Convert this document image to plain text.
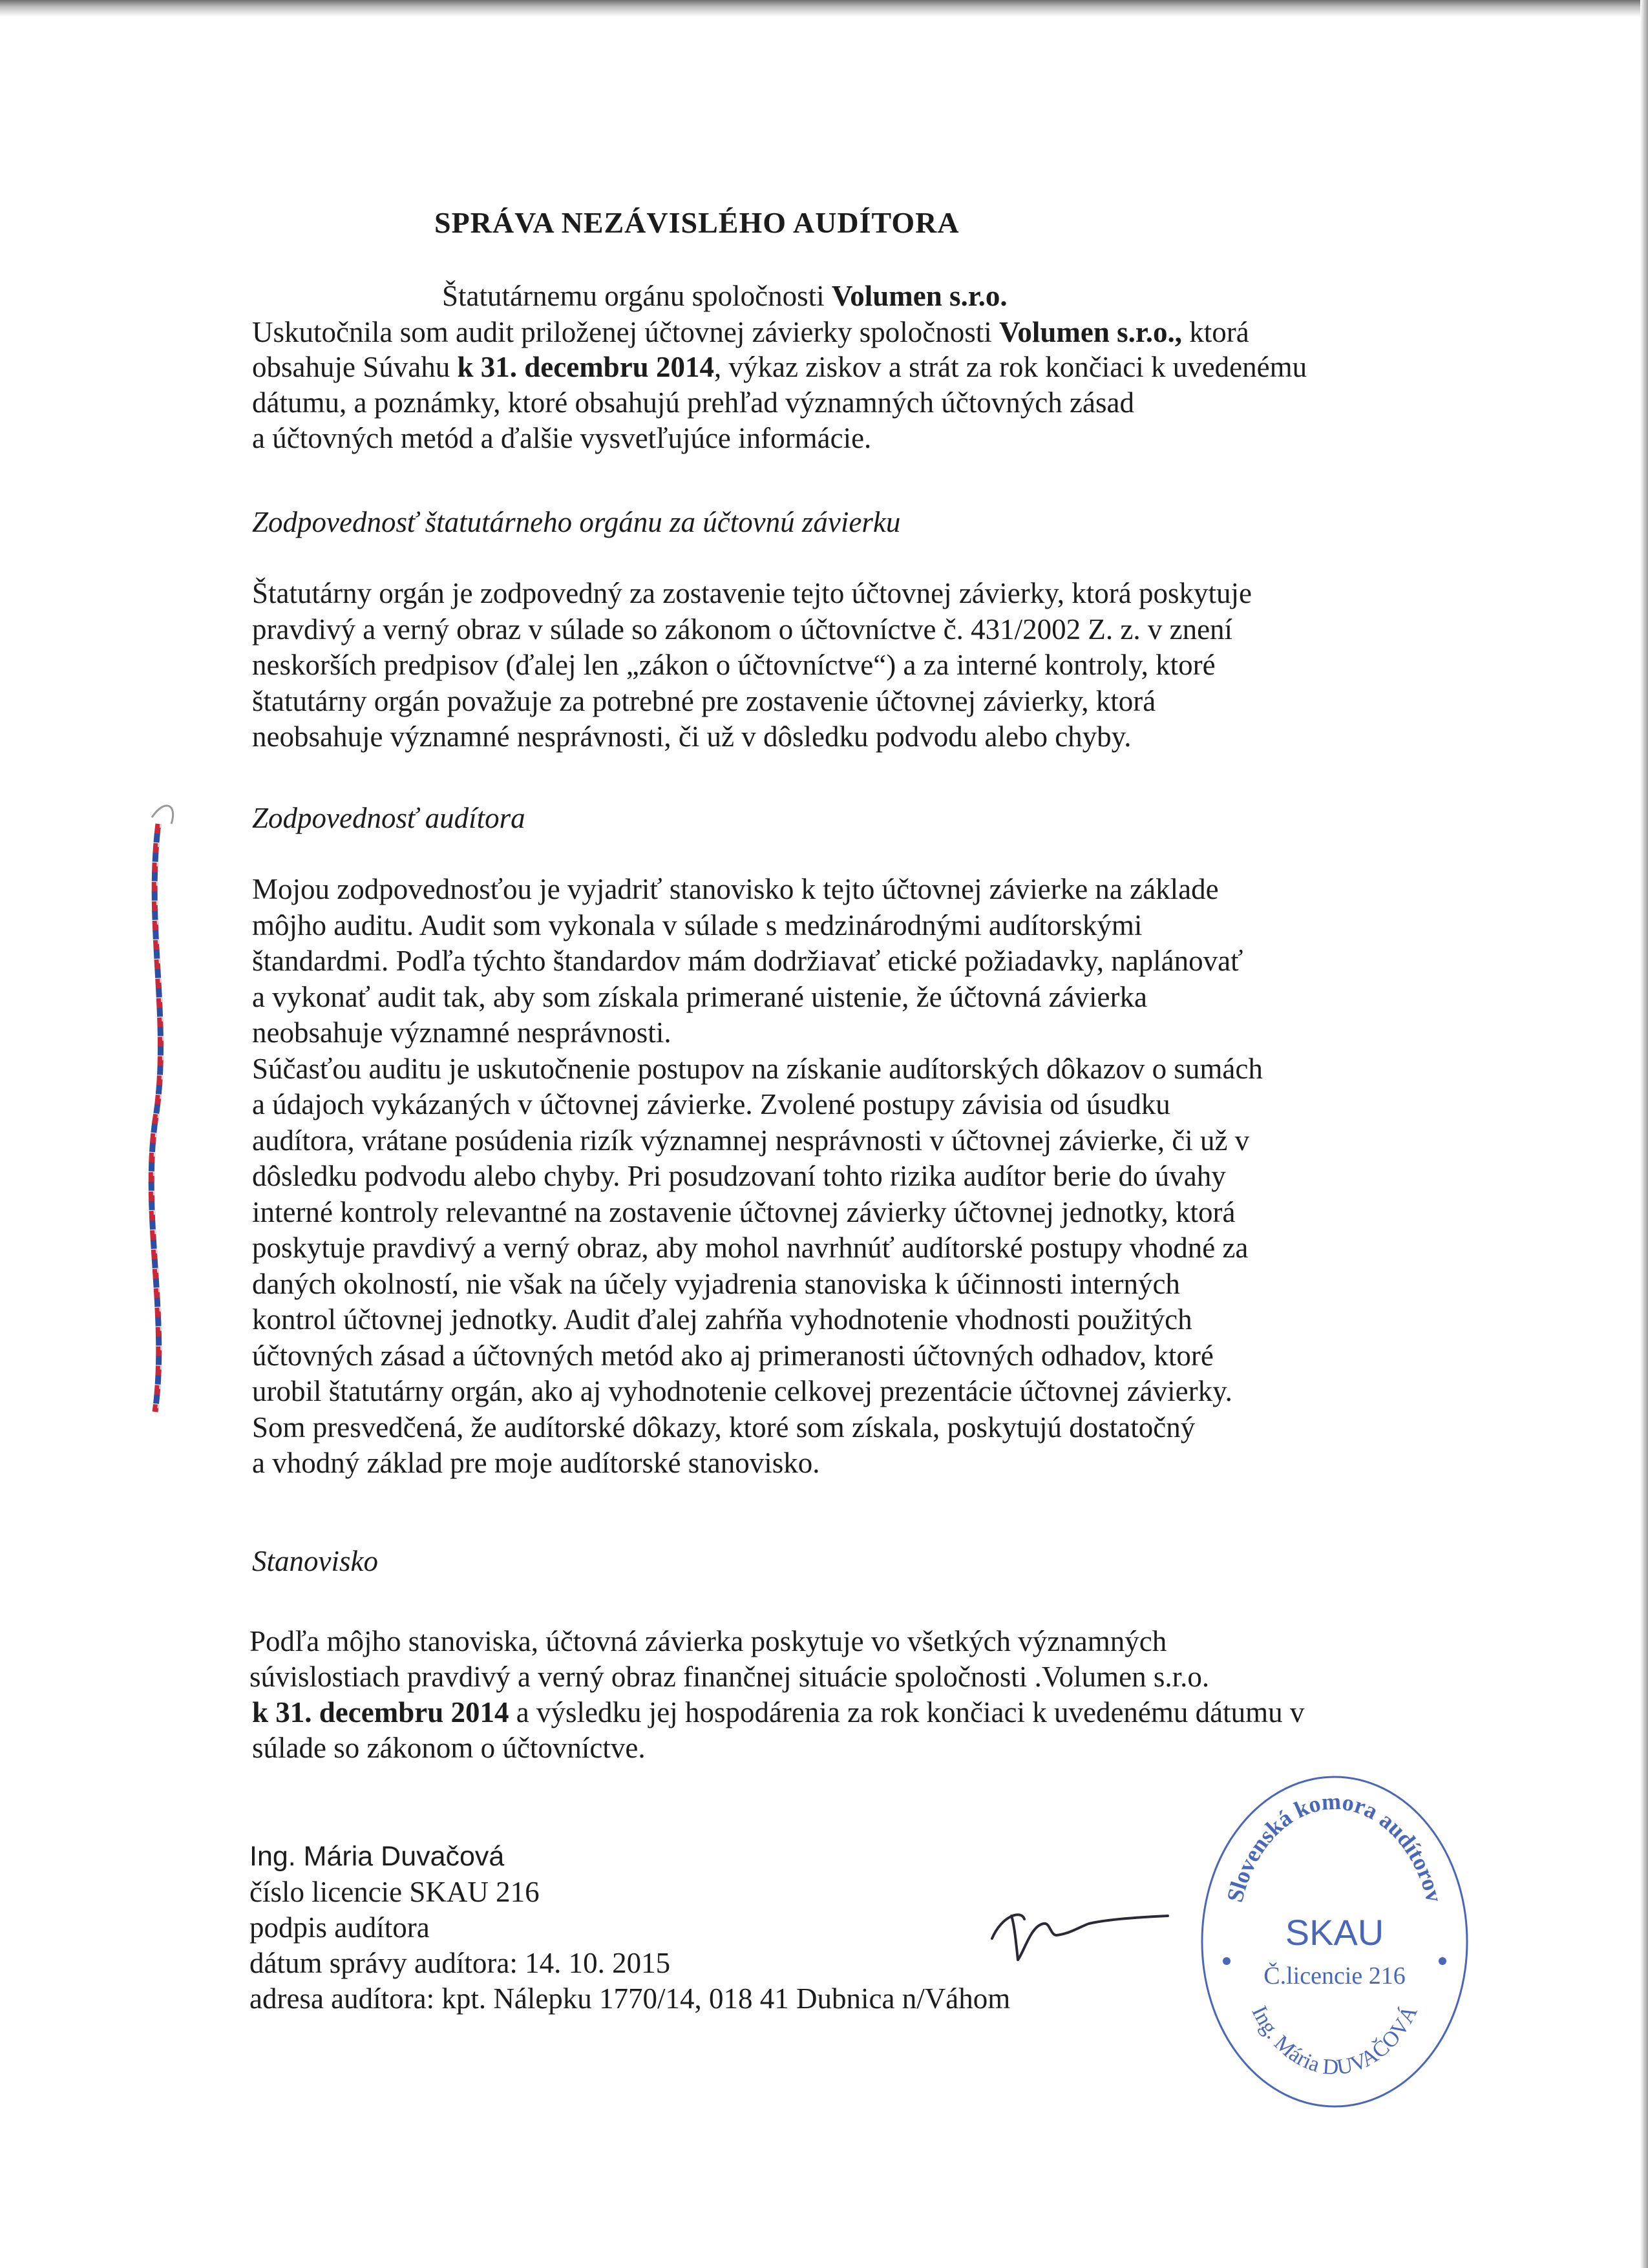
SPRÁVA NEZÁVISLÉHO AUDÍTORA
Štatutárnemu orgánu spoločnosti Volumen s.r.o.
Uskutočnila som audit priloženej účtovnej závierky spoločnosti Volumen s.r.o., ktorá
obsahuje Súvahu k 31. decembru 2014, výkaz ziskov a strát za rok končiaci k uvedenému
dátumu, a poznámky, ktoré obsahujú prehľad významných účtovných zásad
a účtovných metód a ďalšie vysvetľujúce informácie.
Zodpovednosť štatutárneho orgánu za účtovnú závierku
Štatutárny orgán je zodpovedný za zostavenie tejto účtovnej závierky, ktorá poskytuje
pravdivý a verný obraz v súlade so zákonom o účtovníctve č. 431/2002 Z. z. v znení
neskorších predpisov (ďalej len „zákon o účtovníctve“) a za interné kontroly, ktoré
štatutárny orgán považuje za potrebné pre zostavenie účtovnej závierky, ktorá
neobsahuje významné nesprávnosti, či už v dôsledku podvodu alebo chyby.
Zodpovednosť audítora
Mojou zodpovednosťou je vyjadriť stanovisko k tejto účtovnej závierke na základe
môjho auditu. Audit som vykonala v súlade s medzinárodnými audítorskými
štandardmi. Podľa týchto štandardov mám dodržiavať etické požiadavky, naplánovať
a vykonať audit tak, aby som získala primerané uistenie, že účtovná závierka
neobsahuje významné nesprávnosti.
Súčasťou auditu je uskutočnenie postupov na získanie audítorských dôkazov o sumách
a údajoch vykázaných v účtovnej závierke. Zvolené postupy závisia od úsudku
audítora, vrátane posúdenia rizík významnej nesprávnosti v účtovnej závierke, či už v
dôsledku podvodu alebo chyby. Pri posudzovaní tohto rizika audítor berie do úvahy
interné kontroly relevantné na zostavenie účtovnej závierky účtovnej jednotky, ktorá
poskytuje pravdivý a verný obraz, aby mohol navrhnúť audítorské postupy vhodné za
daných okolností, nie však na účely vyjadrenia stanoviska k účinnosti interných
kontrol účtovnej jednotky. Audit ďalej zahŕňa vyhodnotenie vhodnosti použitých
účtovných zásad a účtovných metód ako aj primeranosti účtovných odhadov, ktoré
urobil štatutárny orgán, ako aj vyhodnotenie celkovej prezentácie účtovnej závierky.
Som presvedčená, že audítorské dôkazy, ktoré som získala, poskytujú dostatočný
a vhodný základ pre moje audítorské stanovisko.
Stanovisko
Podľa môjho stanoviska, účtovná závierka poskytuje vo všetkých významných
súvislostiach pravdivý a verný obraz finančnej situácie spoločnosti .Volumen s.r.o.
k 31. decembru 2014 a výsledku jej hospodárenia za rok končiaci k uvedenému dátumu v
súlade so zákonom o účtovníctve.
Ing. Mária Duvačová
číslo licencie SKAU 216
podpis audítora
dátum správy audítora: 14. 10. 2015
adresa audítora: kpt. Nálepku 1770/14, 018 41 Dubnica n/Váhom
Slovenská komora audítorov
SKAU
Č.licencie 216
Ing. Mária DUVAČOVÁ
